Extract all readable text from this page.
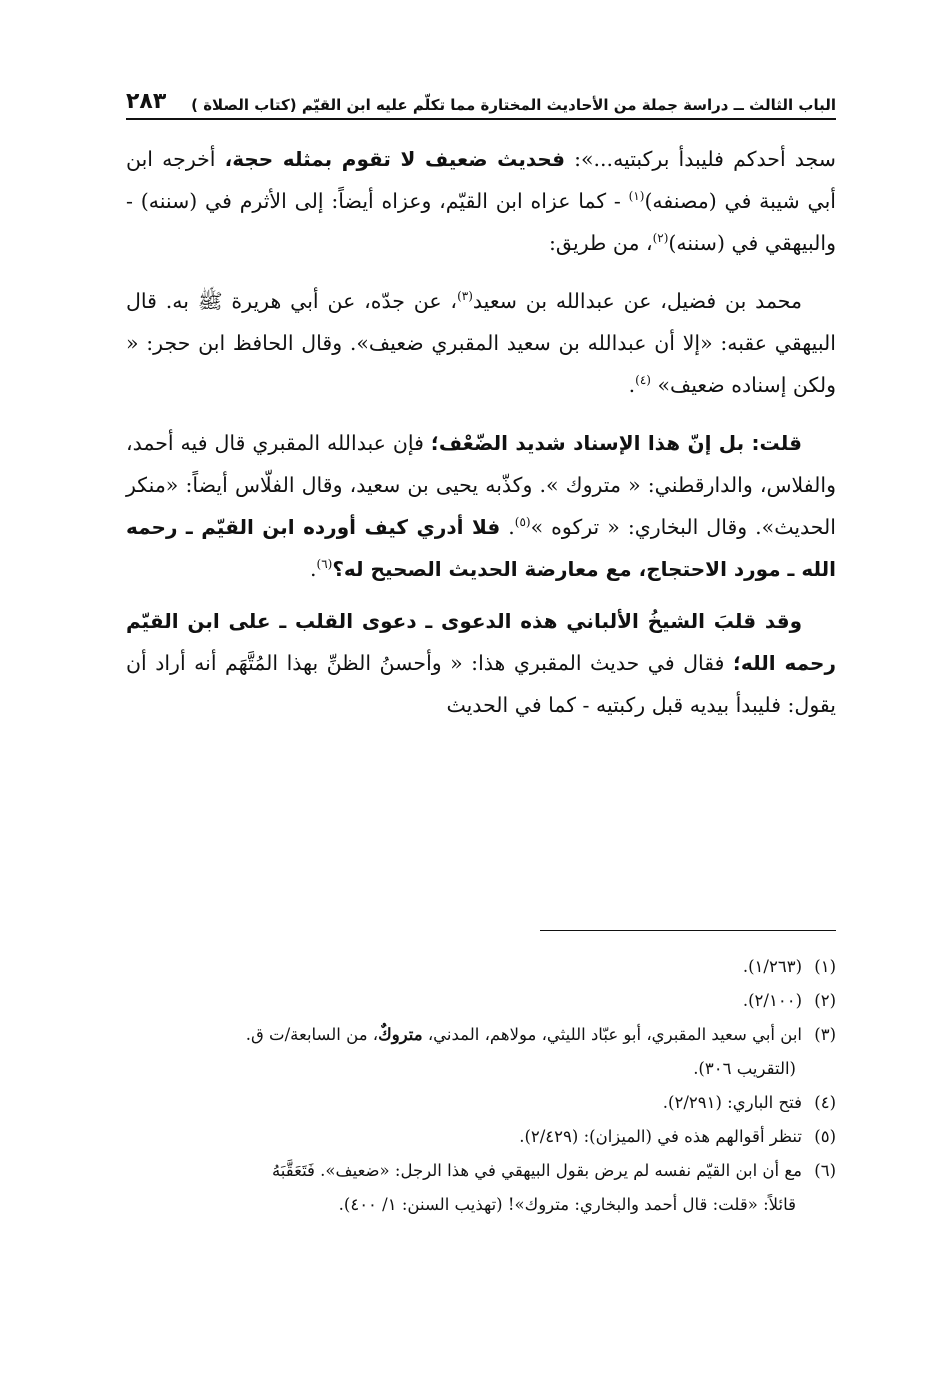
الباب الثالث ــ دراسة جملة من الأحاديث المختارة مما تكلّم عليه ابن القيّم (كتاب الصلاة )
٢٨٣

سجد أحدكم فليبدأ بركبتيه...»: فحديث ضعيف لا تقوم بمثله حجة، أخرجه ابن أبي شيبة في (مصنفه)$^{(١)}$ - كما عزاه ابن القيّم، وعزاه أيضاً: إلى الأثرم في (سننه) - والبيهقي في (سننه)$^{(٢)}$، من طريق:

محمد بن فضيل، عن عبدالله بن سعيد$^{(٣)}$، عن جدّه، عن أبي هريرة ﷺ به. قال البيهقي عقبه: «إلا أن عبدالله بن سعيد المقبري ضعيف». وقال الحافظ ابن حجر: « ولكن إسناده ضعيف» $^{(٤)}$.

قلت: بل إنّ هذا الإسناد شديد الضّعْف؛ فإن عبدالله المقبري قال فيه أحمد، والفلاس، والدارقطني: « متروك ». وكذّبه يحيى بن سعيد، وقال الفلّاس أيضاً: «منكر الحديث». وقال البخاري: « تركوه »$^{(٥)}$. فلا أدري كيف أورده ابن القيّم ـ رحمه الله ـ مورد الاحتجاج، مع معارضة الحديث الصحيح له؟$^{(٦)}$.

وقد قلبَ الشيخُ الألباني هذه الدعوى ـ دعوى القلب ـ على ابن القيّم رحمه الله؛ فقال في حديث المقبري هذا: « وأحسنُ الظنِّ بهذا المُتَّهَم أنه أراد أن يقول: فليبدأ بيديه قبل ركبتيه - كما في الحديث

(١)(١/٢٦٣).

(٢)(٢/١٠٠).

(٣)ابن أبي سعيد المقبري، أبو عبّاد الليثي، مولاهم، المدني، متروكٌ، من السابعة/ت ق.

(التقريب ٣٠٦).

(٤)فتح الباري: (٢/٢٩١).

(٥)تنظر أقوالهم هذه في (الميزان): (٢/٤٢٩).

(٦)مع أن ابن القيّم نفسه لم يرض بقول البيهقي في هذا الرجل: «ضعيف». فَتَعَقَّبَهُ

قائلاً: «قلت: قال أحمد والبخاري: متروك»! (تهذيب السنن: ١/ ٤٠٠).
